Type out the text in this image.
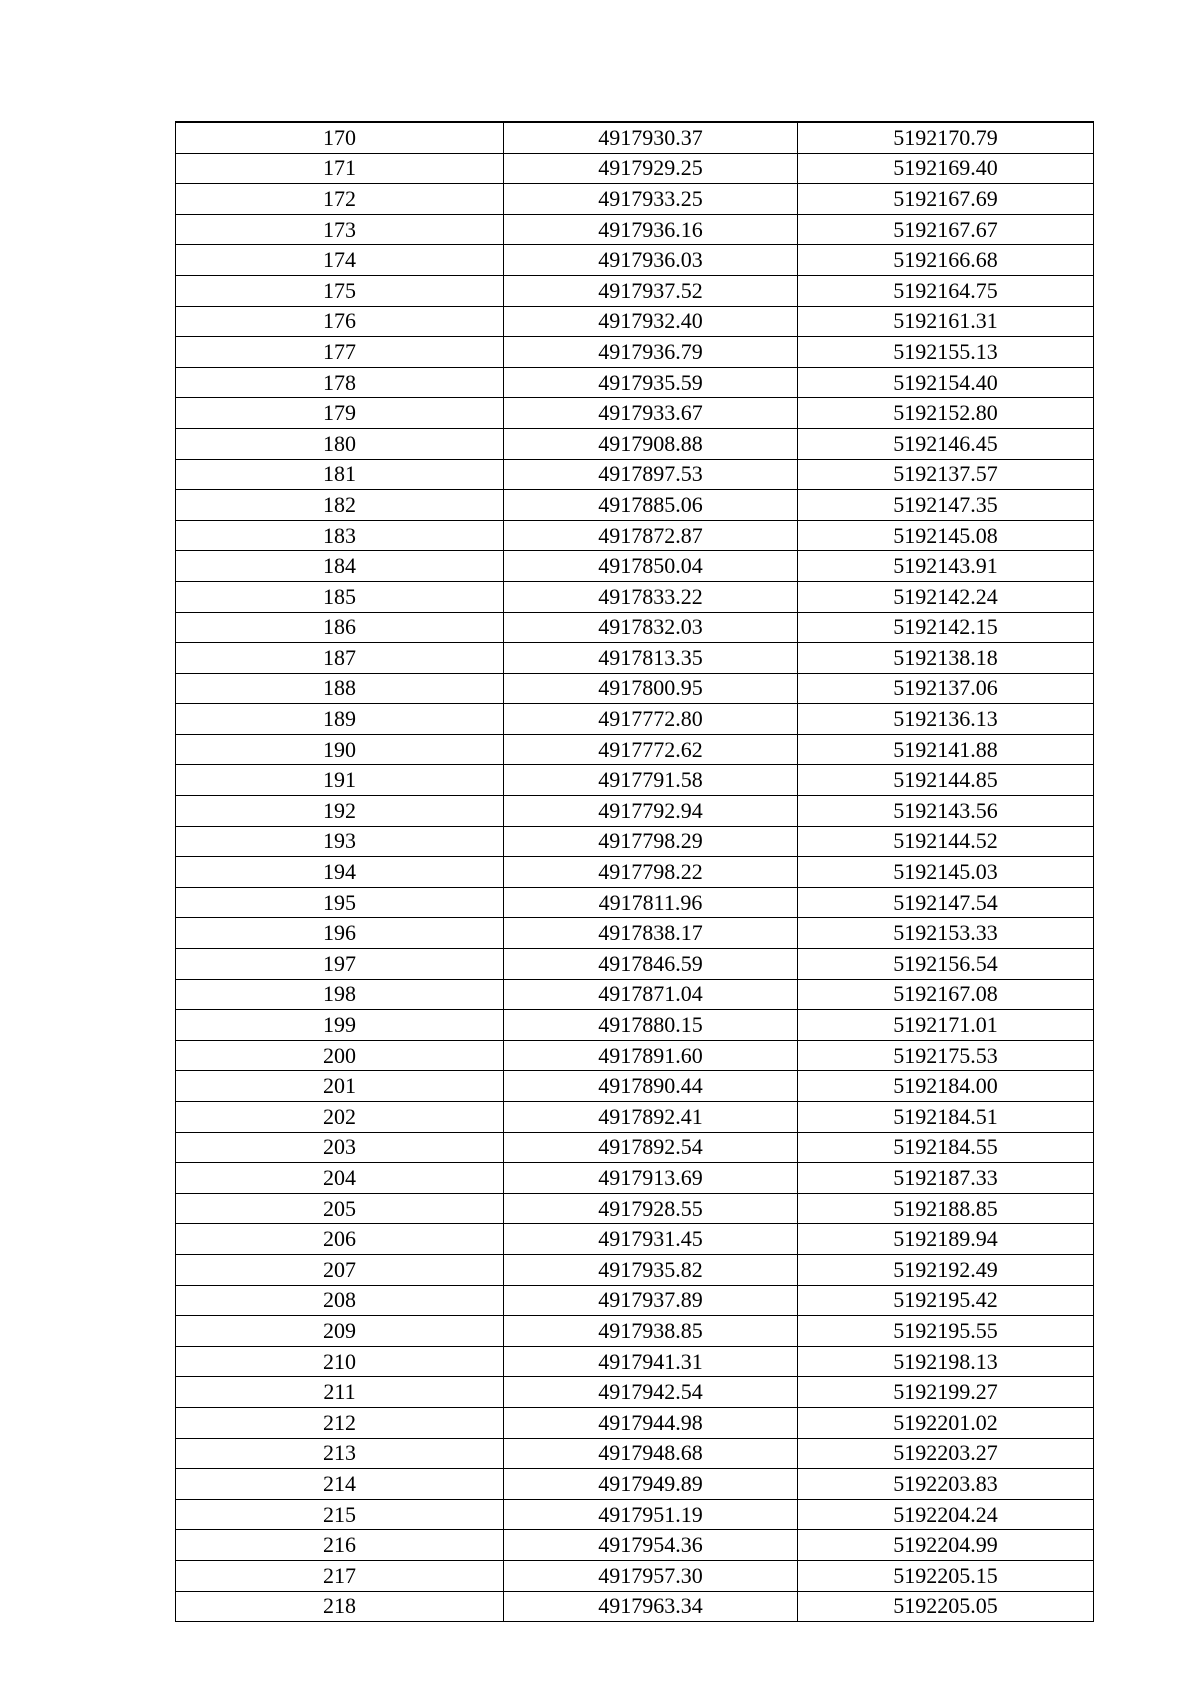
170	4917930.37	5192170.79
171	4917929.25	5192169.40
172	4917933.25	5192167.69
173	4917936.16	5192167.67
174	4917936.03	5192166.68
175	4917937.52	5192164.75
176	4917932.40	5192161.31
177	4917936.79	5192155.13
178	4917935.59	5192154.40
179	4917933.67	5192152.80
180	4917908.88	5192146.45
181	4917897.53	5192137.57
182	4917885.06	5192147.35
183	4917872.87	5192145.08
184	4917850.04	5192143.91
185	4917833.22	5192142.24
186	4917832.03	5192142.15
187	4917813.35	5192138.18
188	4917800.95	5192137.06
189	4917772.80	5192136.13
190	4917772.62	5192141.88
191	4917791.58	5192144.85
192	4917792.94	5192143.56
193	4917798.29	5192144.52
194	4917798.22	5192145.03
195	4917811.96	5192147.54
196	4917838.17	5192153.33
197	4917846.59	5192156.54
198	4917871.04	5192167.08
199	4917880.15	5192171.01
200	4917891.60	5192175.53
201	4917890.44	5192184.00
202	4917892.41	5192184.51
203	4917892.54	5192184.55
204	4917913.69	5192187.33
205	4917928.55	5192188.85
206	4917931.45	5192189.94
207	4917935.82	5192192.49
208	4917937.89	5192195.42
209	4917938.85	5192195.55
210	4917941.31	5192198.13
211	4917942.54	5192199.27
212	4917944.98	5192201.02
213	4917948.68	5192203.27
214	4917949.89	5192203.83
215	4917951.19	5192204.24
216	4917954.36	5192204.99
217	4917957.30	5192205.15
218	4917963.34	5192205.05
